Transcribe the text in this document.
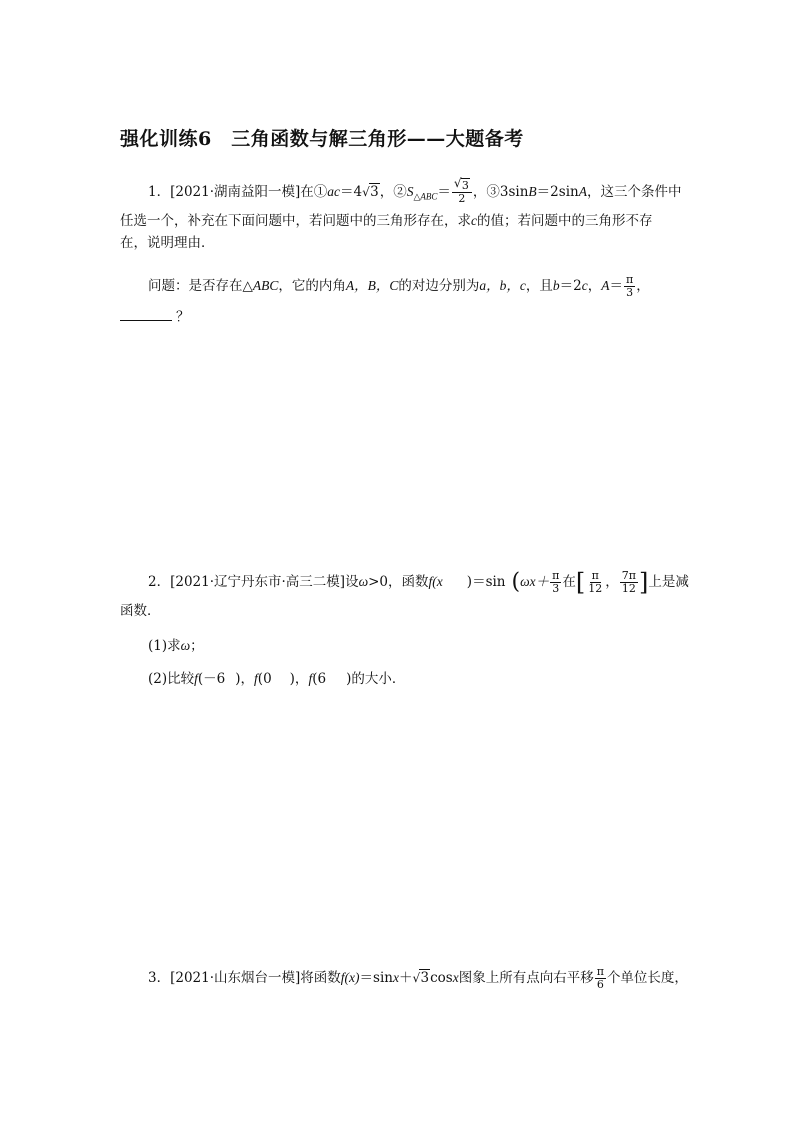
强化训练6　三角函数与解三角形——大题备考
1．[2021·湖南益阳一模]在①ac＝4 √ 3，$②S_{\triangle ABC}=$ √ $\frac{3}{2}$ ，③3sinB＝2sinA，这三个条件中
任选一个，补充在下面问题中，若问题中的三角形存在，求c的值；若问题中的三角形不存
在，说明理由．
问题：是否存在△ABC，它的内角A，B，C的对边分别为a，b，c，且b＝2c，$A= \frac{\pi}{3}$ ，
？
2．[2021·辽宁丹东市·高三二模]设ω>0，函数f(x )＝sin ($\omega x+ \frac{\pi}{3}$ 在[ $\frac{\pi}{12}$ ， $\frac{7\pi}{12}$ ]上是减
函数．
(1)求ω；
(2)比较f(－6 )，f(0 )，f(6 )的大小．
3．[2021·山东烟台一模]将函数f(x)＝sinx＋ √ 3cosx图象上所有点向右平移 $\frac{\pi}{6}$ 个单位长度，
